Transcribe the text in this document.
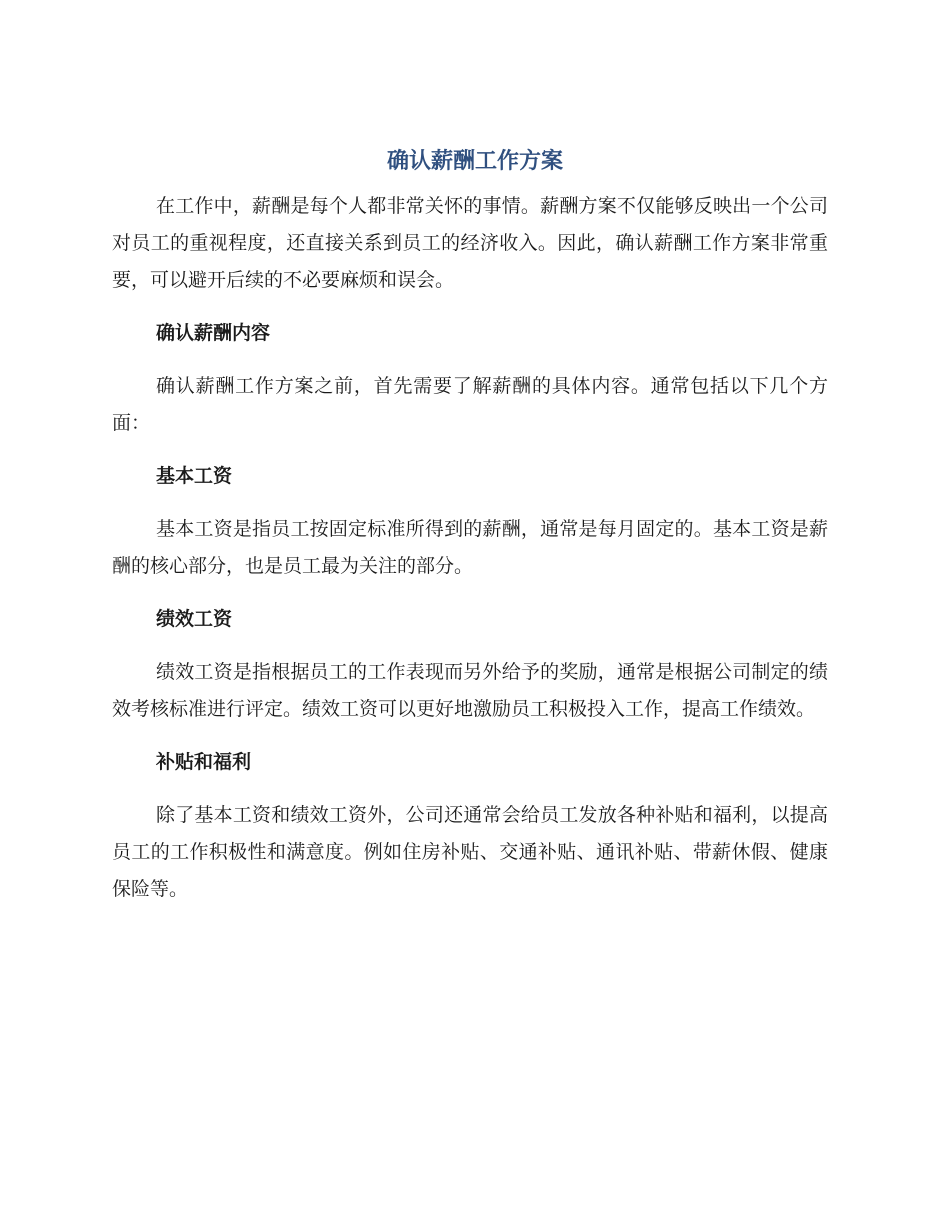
确认薪酬工作方案

在工作中，薪酬是每个人都非常关怀的事情。薪酬方案不仅能够反映出一个公司对员工的重视程度，还直接关系到员工的经济收入。因此，确认薪酬工作方案非常重要，可以避开后续的不必要麻烦和误会。

确认薪酬内容

确认薪酬工作方案之前，首先需要了解薪酬的具体内容。通常包括以下几个方面：

基本工资

基本工资是指员工按固定标准所得到的薪酬，通常是每月固定的。基本工资是薪酬的核心部分，也是员工最为关注的部分。

绩效工资

绩效工资是指根据员工的工作表现而另外给予的奖励，通常是根据公司制定的绩效考核标准进行评定。绩效工资可以更好地激励员工积极投入工作，提高工作绩效。

补贴和福利

除了基本工资和绩效工资外，公司还通常会给员工发放各种补贴和福利，以提高员工的工作积极性和满意度。例如住房补贴、交通补贴、通讯补贴、带薪休假、健康保险等。
